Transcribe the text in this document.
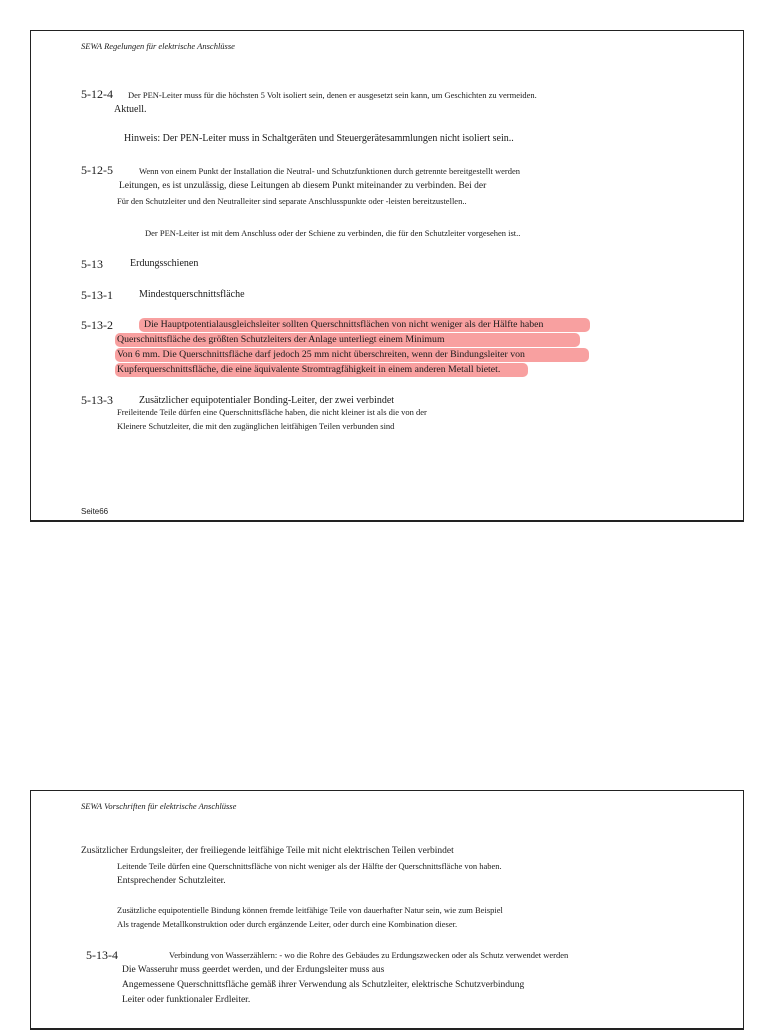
SEWA Regelungen für elektrische Anschlüsse
5-12-4 Der PEN-Leiter muss für die höchsten 5 Volt isoliert sein, denen er ausgesetzt sein kann, um Geschichten zu vermeiden.
Aktuell.
Hinweis: Der PEN-Leiter muss in Schaltgeräten und Steuergerätesammlungen nicht isoliert sein..
5-12-5	Wenn von einem Punkt der Installation die Neutral- und Schutzfunktionen durch getrennte bereitgestellt werden
Leitungen, es ist unzulässig, diese Leitungen ab diesem Punkt miteinander zu verbinden. Bei der
Für den Schutzleiter und den Neutralleiter sind separate Anschlusspunkte oder -leisten bereitzustellen..
Der PEN-Leiter ist mit dem Anschluss oder der Schiene zu verbinden, die für den Schutzleiter vorgesehen ist..
5-13	Erdungsschienen
5-13-1	Mindestquerschnittsfläche
5-13-2	Die Hauptpotentialausgleichsleiter sollten Querschnittsflächen von nicht weniger als der Hälfte haben
Querschnittsfläche des größten Schutzleiters der Anlage unterliegt einem Minimum
Von 6 mm. Die Querschnittsfläche darf jedoch 25 mm nicht überschreiten, wenn der Bindungsleiter von
Kupferquerschnittsfläche, die eine äquivalente Stromtragfähigkeit in einem anderen Metall bietet.
5-13-3	Zusätzlicher equipotentialer Bonding-Leiter, der zwei verbindet
Freileitende Teile dürfen eine Querschnittsfläche haben, die nicht kleiner ist als die von der
Kleinere Schutzleiter, die mit den zugänglichen leitfähigen Teilen verbunden sind
Seite66
SEWA Vorschriften für elektrische Anschlüsse
Zusätzlicher Erdungsleiter, der freiliegende leitfähige Teile mit nicht elektrischen Teilen verbindet
Leitende Teile dürfen eine Querschnittsfläche von nicht weniger als der Hälfte der Querschnittsfläche von haben.
Entsprechender Schutzleiter.
Zusätzliche equipotentielle Bindung können fremde leitfähige Teile von dauerhafter Natur sein, wie zum Beispiel
Als tragende Metallkonstruktion oder durch ergänzende Leiter, oder durch eine Kombination dieser.
5-13-4	Verbindung von Wasserzählern: - wo die Rohre des Gebäudes zu Erdungszwecken oder als Schutz verwendet werden
Die Wasseruhr muss geerdet werden, und der Erdungsleiter muss aus
Angemessene Querschnittsfläche gemäß ihrer Verwendung als Schutzleiter, elektrische Schutzverbindung
Leiter oder funktionaler Erdleiter.
